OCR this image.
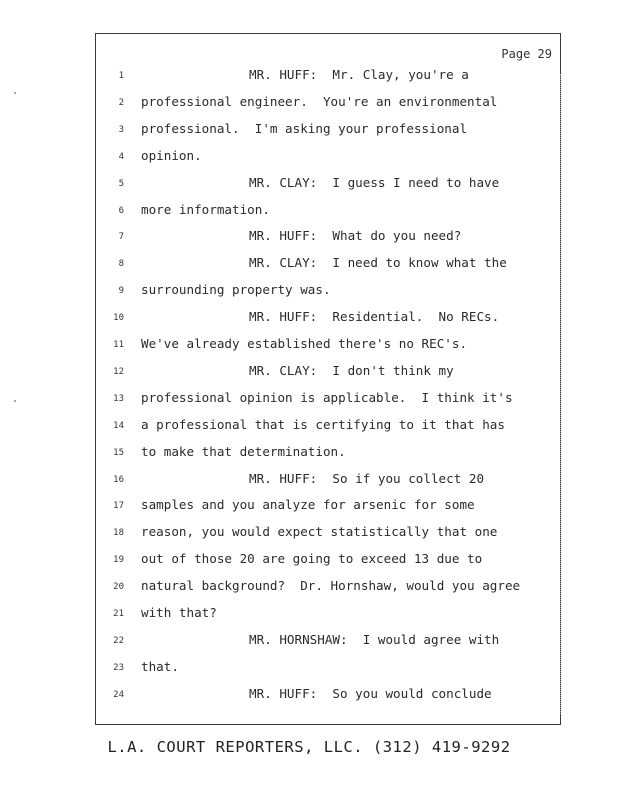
Page 29
1	MR. HUFF:  Mr. Clay, you're a
2 professional engineer.  You're an environmental
3 professional.  I'm asking your professional
4 opinion.
5	MR. CLAY:  I guess I need to have
6 more information.
7	MR. HUFF:  What do you need?
8	MR. CLAY:  I need to know what the
9 surrounding property was.
10	MR. HUFF:  Residential.  No RECs.
11 We've already established there's no REC's.
12	MR. CLAY:  I don't think my
13 professional opinion is applicable.  I think it's
14 a professional that is certifying to it that has
15 to make that determination.
16	MR. HUFF:  So if you collect 20
17 samples and you analyze for arsenic for some
18 reason, you would expect statistically that one
19 out of those 20 are going to exceed 13 due to
20 natural background?  Dr. Hornshaw, would you agree
21 with that?
22	MR. HORNSHAW:  I would agree with
23 that.
24	MR. HUFF:  So you would conclude
L.A. COURT REPORTERS, LLC. (312) 419-9292
